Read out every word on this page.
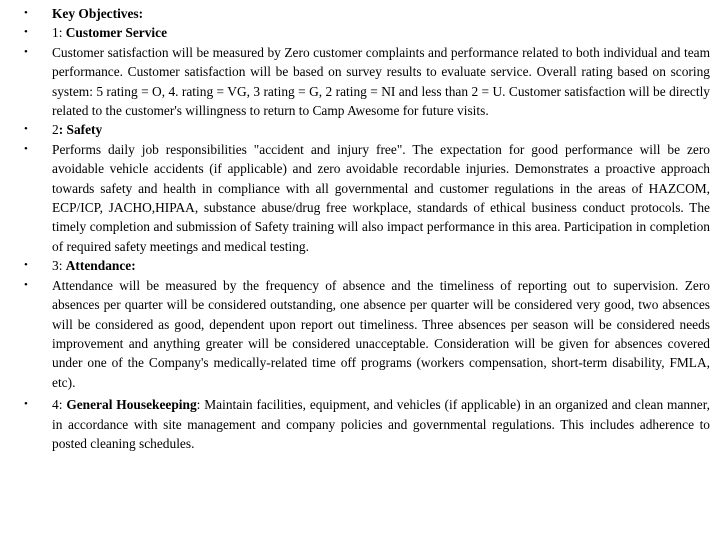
• Key Objectives:
• 1: Customer Service
• Customer satisfaction will be measured by Zero customer complaints and performance related to both individual and team performance. Customer satisfaction will be based on survey results to evaluate service. Overall rating based on scoring system: 5 rating = O, 4. rating = VG, 3 rating = G, 2 rating = NI and less than 2 = U. Customer satisfaction will be directly related to the customer's willingness to return to Camp Awesome for future visits.
• 2: Safety
• Performs daily job responsibilities "accident and injury free". The expectation for good performance will be zero avoidable vehicle accidents (if applicable) and zero avoidable recordable injuries. Demonstrates a proactive approach towards safety and health in compliance with all governmental and customer regulations in the areas of HAZCOM, ECP/ICP, JACHO,HIPAA, substance abuse/drug free workplace, standards of ethical business conduct protocols. The timely completion and submission of Safety training will also impact performance in this area. Participation in completion of required safety meetings and medical testing.
• 3: Attendance:
• Attendance will be measured by the frequency of absence and the timeliness of reporting out to supervision. Zero absences per quarter will be considered outstanding, one absence per quarter will be considered very good, two absences will be considered as good, dependent upon report out timeliness. Three absences per season will be considered needs improvement and anything greater will be considered unacceptable. Consideration will be given for absences covered under one of the Company's medically-related time off programs (workers compensation, short-term disability, FMLA, etc).
• 4: General Housekeeping: Maintain facilities, equipment, and vehicles (if applicable) in an organized and clean manner, in accordance with site management and company policies and governmental regulations. This includes adherence to posted cleaning schedules.
